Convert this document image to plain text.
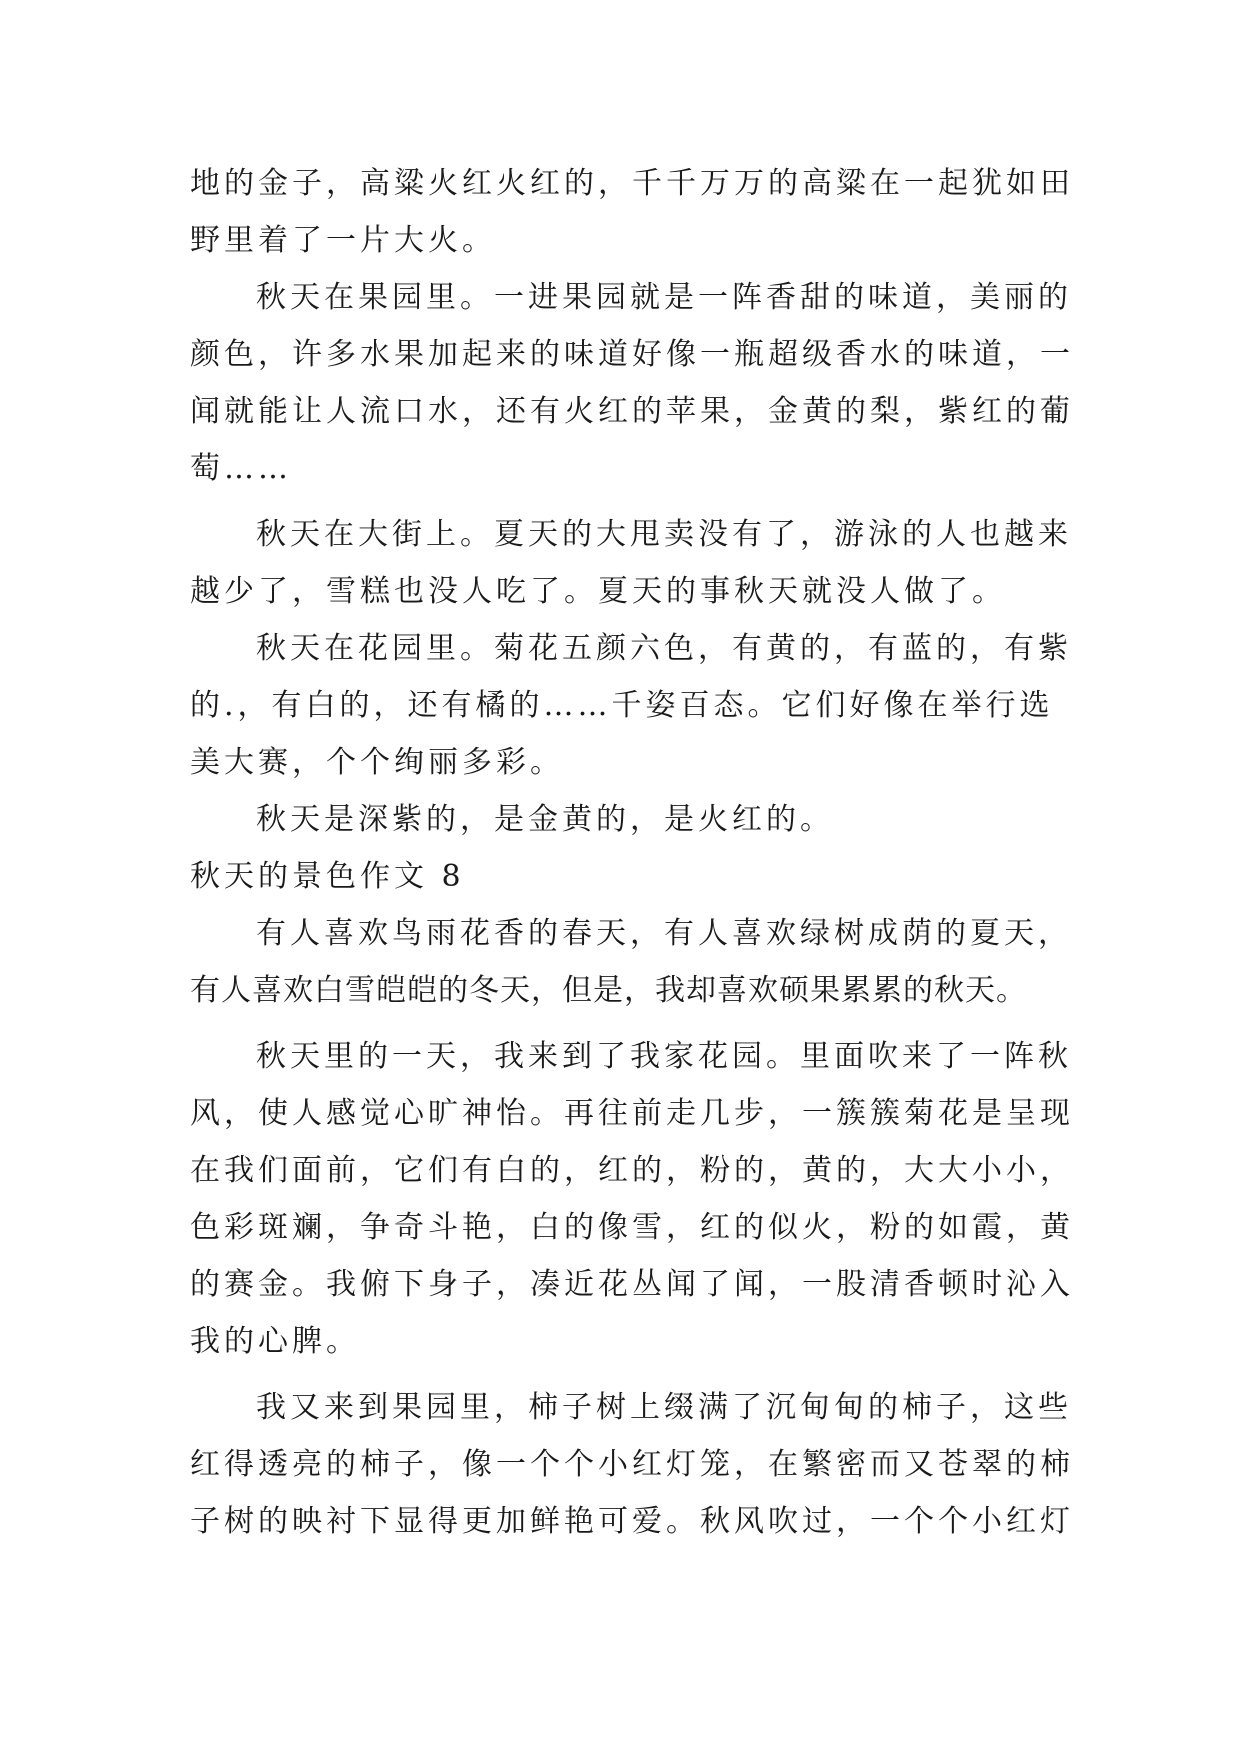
地的金子，高粱火红火红的，千千万万的高粱在一起犹如田
野里着了一片大火。
秋天在果园里。一进果园就是一阵香甜的味道，美丽的
颜色，许多水果加起来的味道好像一瓶超级香水的味道，一
闻就能让人流口水，还有火红的苹果，金黄的梨，紫红的葡
萄……
秋天在大街上。夏天的大甩卖没有了，游泳的人也越来
越少了，雪糕也没人吃了。夏天的事秋天就没人做了。
秋天在花园里。菊花五颜六色，有黄的，有蓝的，有紫
的.，有白的，还有橘的……千姿百态。它们好像在举行选
美大赛，个个绚丽多彩。
秋天是深紫的，是金黄的，是火红的。
秋天的景色作文 8
有人喜欢鸟雨花香的春天，有人喜欢绿树成荫的夏天，
有人喜欢白雪皑皑的冬天，但是，我却喜欢硕果累累的秋天。
秋天里的一天，我来到了我家花园。里面吹来了一阵秋
风，使人感觉心旷神怡。再往前走几步，一簇簇菊花是呈现
在我们面前，它们有白的，红的，粉的，黄的，大大小小，
色彩斑斓，争奇斗艳，白的像雪，红的似火，粉的如霞，黄
的赛金。我俯下身子，凑近花丛闻了闻，一股清香顿时沁入
我的心脾。
我又来到果园里，柿子树上缀满了沉甸甸的柿子，这些
红得透亮的柿子，像一个个小红灯笼，在繁密而又苍翠的柿
子树的映衬下显得更加鲜艳可爱。秋风吹过，一个个小红灯
